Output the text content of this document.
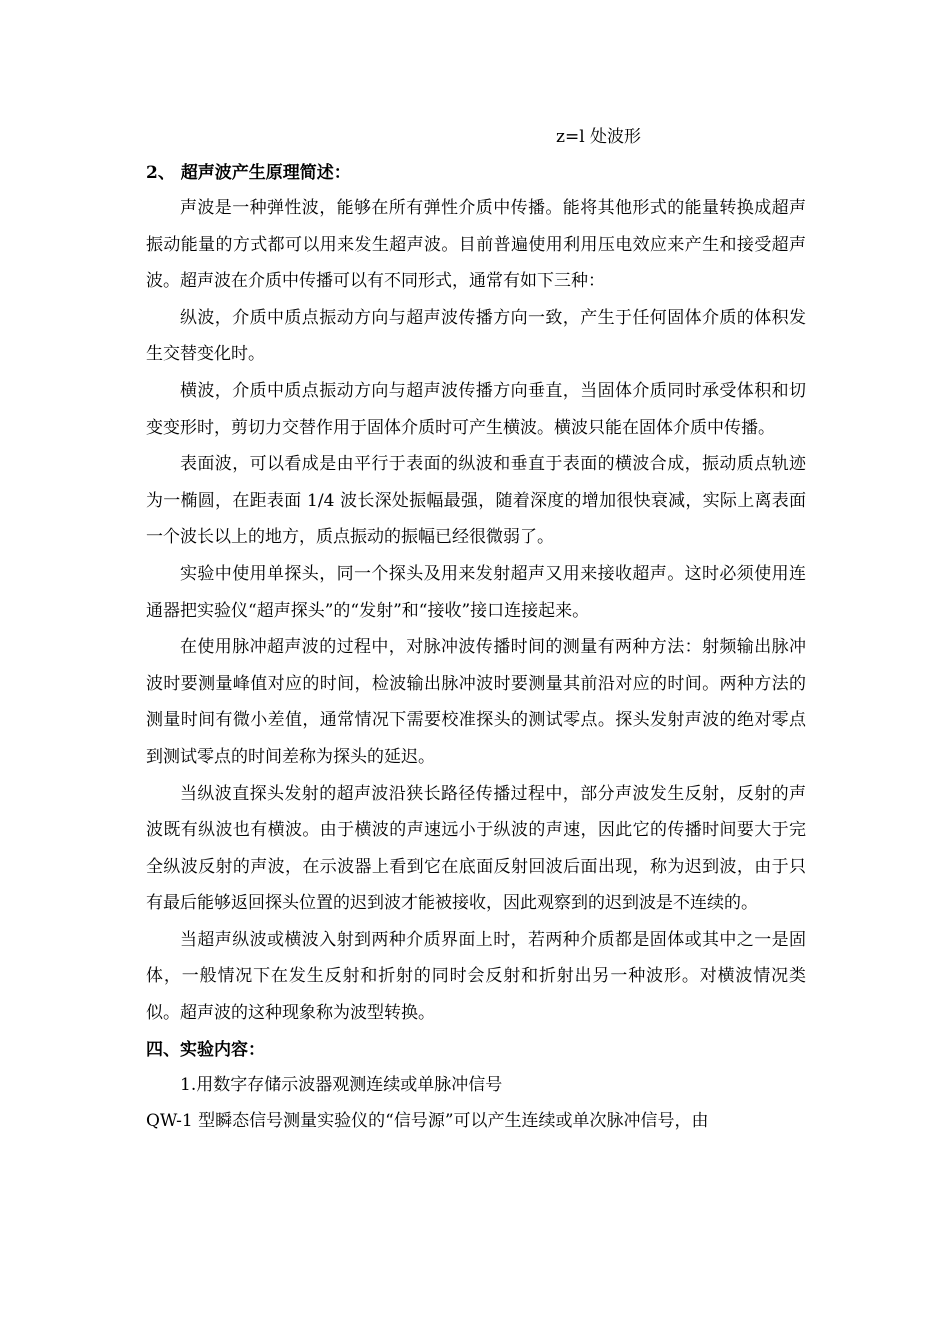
z=l 处波形

2、 超声波产生原理简述：

声波是一种弹性波，能够在所有弹性介质中传播。能将其他形式的能量转换成超声振动能量的方式都可以用来发生超声波。目前普遍使用利用压电效应来产生和接受超声波。超声波在介质中传播可以有不同形式，通常有如下三种：

纵波，介质中质点振动方向与超声波传播方向一致，产生于任何固体介质的体积发生交替变化时。

横波，介质中质点振动方向与超声波传播方向垂直，当固体介质同时承受体积和切变变形时，剪切力交替作用于固体介质时可产生横波。横波只能在固体介质中传播。

表面波，可以看成是由平行于表面的纵波和垂直于表面的横波合成，振动质点轨迹为一椭圆，在距表面 1/4 波长深处振幅最强，随着深度的增加很快衰减，实际上离表面一个波长以上的地方，质点振动的振幅已经很微弱了。

实验中使用单探头，同一个探头及用来发射超声又用来接收超声。这时必须使用连通器把实验仪“超声探头”的“发射”和“接收”接口连接起来。

在使用脉冲超声波的过程中，对脉冲波传播时间的测量有两种方法：射频输出脉冲波时要测量峰值对应的时间，检波输出脉冲波时要测量其前沿对应的时间。两种方法的测量时间有微小差值，通常情况下需要校准探头的测试零点。探头发射声波的绝对零点到测试零点的时间差称为探头的延迟。

当纵波直探头发射的超声波沿狭长路径传播过程中，部分声波发生反射，反射的声波既有纵波也有横波。由于横波的声速远小于纵波的声速，因此它的传播时间要大于完全纵波反射的声波，在示波器上看到它在底面反射回波后面出现，称为迟到波，由于只有最后能够返回探头位置的迟到波才能被接收，因此观察到的迟到波是不连续的。

当超声纵波或横波入射到两种介质界面上时，若两种介质都是固体或其中之一是固体，一般情况下在发生反射和折射的同时会反射和折射出另一种波形。对横波情况类似。超声波的这种现象称为波型转换。

四、实验内容：

1.用数字存储示波器观测连续或单脉冲信号

QW-1 型瞬态信号测量实验仪的“信号源”可以产生连续或单次脉冲信号，由
